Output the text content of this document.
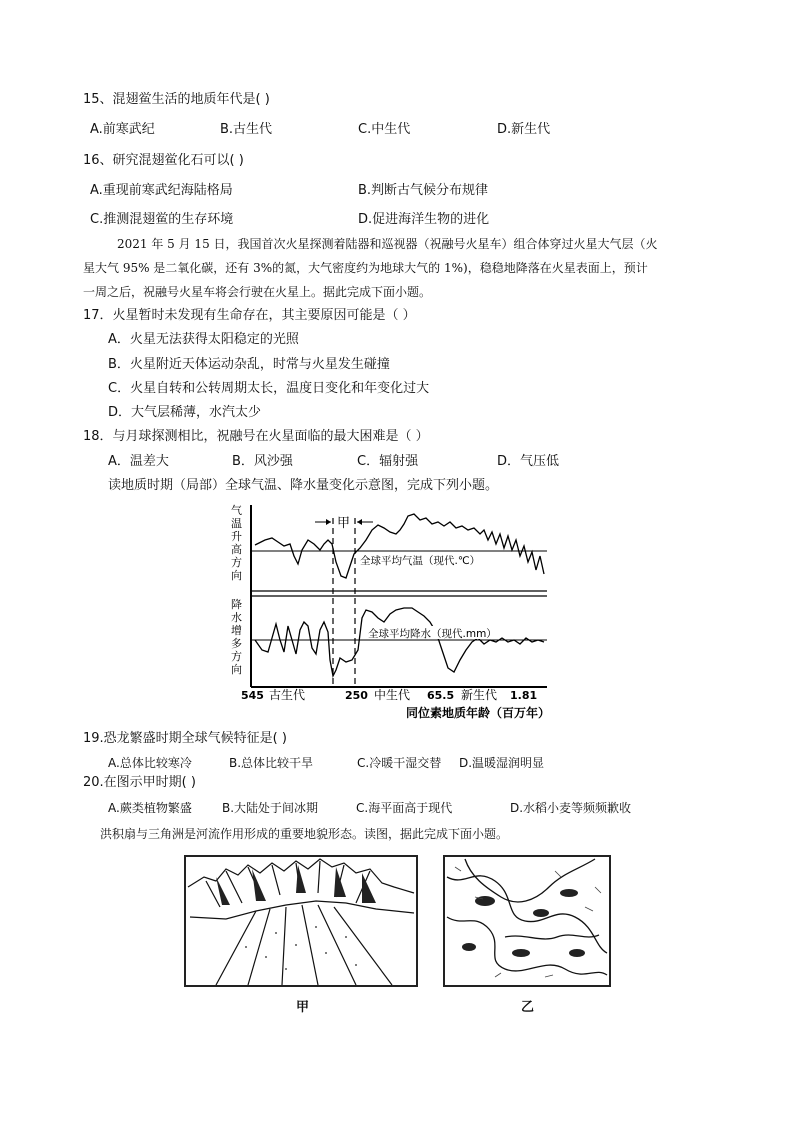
15、混翅鲎生活的地质年代是( )
A.前寒武纪	B.古生代	C.中生代	D.新生代
16、研究混翅鲎化石可以( )
A.重现前寒武纪海陆格局	B.判断古气候分布规律
C.推测混翅鲎的生存环境	D.促进海洋生物的进化
2021 年 5 月 15 日，我国首次火星探测着陆器和巡视器（祝融号火星车）组合体穿过火星大气层（火
星大气 95% 是二氧化碳，还有 3%的氮，大气密度约为地球大气的 1%)，稳稳地降落在火星表面上，预计
一周之后，祝融号火星车将会行驶在火星上。据此完成下面小题。
17．火星暂时未发现有生命存在，其主要原因可能是（ ）
A．火星无法获得太阳稳定的光照
B．火星附近天体运动杂乱，时常与火星发生碰撞
C．火星自转和公转周期太长，温度日变化和年变化过大
D．大气层稀薄，水汽太少
18．与月球探测相比，祝融号在火星面临的最大困难是（ ）
A．温差大	B．风沙强	C．辐射强	D．气压低
读地质时期（局部）全球气温、降水量变化示意图，完成下列小题。
甲
气温升高方向
降水增多方向
全球平均气温（现代.℃）
全球平均降水（现代.mm）
545 古生代	250 中生代 65.5 新生代 1.81
同位素地质年龄（百万年）
19.恐龙繁盛时期全球气候特征是( )
A.总体比较寒冷	B.总体比较干旱	C.冷暖干湿交替 D.温暖湿润明显
20.在图示甲时期( )
A.蕨类植物繁盛	B.大陆处于间冰期	C.海平面高于现代	D.水稻小麦等频频歉收
洪积扇与三角洲是河流作用形成的重要地貌形态。读图，据此完成下面小题。
甲	乙
